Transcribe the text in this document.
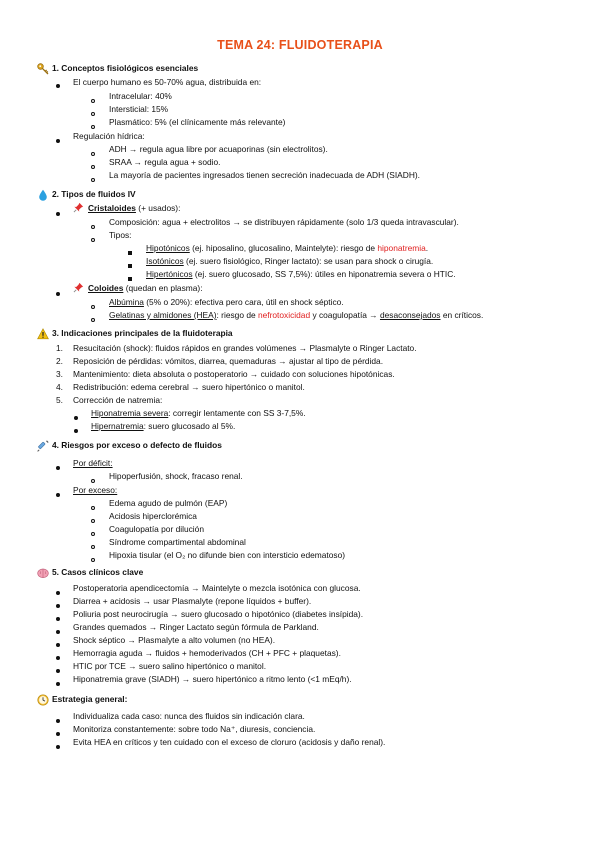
TEMA 24: FLUIDOTERAPIA
1. Conceptos fisiológicos esenciales
El cuerpo humano es 50-70% agua, distribuida en:
Intracelular: 40%
Intersticial: 15%
Plasmático: 5% (el clínicamente más relevante)
Regulación hídrica:
ADH → regula agua libre por acuaporinas (sin electrolitos).
SRAA → regula agua + sodio.
La mayoría de pacientes ingresados tienen secreción inadecuada de ADH (SIADH).
2. Tipos de fluidos IV
Cristaloides (+ usados):
Composición: agua + electrolitos → se distribuyen rápidamente (solo 1/3 queda intravascular).
Tipos:
Hipotónicos (ej. hiposalino, glucosalino, Maintelyte): riesgo de hiponatremia.
Isotónicos (ej. suero fisiológico, Ringer lactato): se usan para shock o cirugía.
Hipertónicos (ej. suero glucosado, SS 7,5%): útiles en hiponatremia severa o HTIC.
Coloides (quedan en plasma):
Albúmina (5% o 20%): efectiva pero cara, útil en shock séptico.
Gelatinas y almidones (HEA): riesgo de nefrotoxicidad y coagulopatía → desaconsejados en críticos.
3. Indicaciones principales de la fluidoterapia
1. Resucitación (shock): fluidos rápidos en grandes volúmenes → Plasmalyte o Ringer Lactato.
2. Reposición de pérdidas: vómitos, diarrea, quemaduras → ajustar al tipo de pérdida.
3. Mantenimiento: dieta absoluta o postoperatorio → cuidado con soluciones hipotónicas.
4. Redistribución: edema cerebral → suero hipertónico o manitol.
5. Corrección de natremia:
Hiponatremia severa: corregir lentamente con SS 3-7,5%.
Hipernatremia: suero glucosado al 5%.
4. Riesgos por exceso o defecto de fluidos
Por déficit:
Hipoperfusión, shock, fracaso renal.
Por exceso:
Edema agudo de pulmón (EAP)
Acidosis hiperclorémica
Coagulopatía por dilución
Síndrome compartimental abdominal
Hipoxia tisular (el O₂ no difunde bien con intersticio edematoso)
5. Casos clínicos clave
Postoperatoria apendicectomía → Maintelyte o mezcla isotónica con glucosa.
Diarrea + acidosis → usar Plasmalyte (repone líquidos + buffer).
Poliuria post neurocirugía → suero glucosado o hipotónico (diabetes insípida).
Grandes quemados → Ringer Lactato según fórmula de Parkland.
Shock séptico → Plasmalyte a alto volumen (no HEA).
Hemorragia aguda → fluidos + hemoderivados (CH + PFC + plaquetas).
HTIC por TCE → suero salino hipertónico o manitol.
Hiponatremia grave (SIADH) → suero hipertónico a ritmo lento (<1 mEq/h).
Estrategia general:
Individualiza cada caso: nunca des fluidos sin indicación clara.
Monitoriza constantemente: sobre todo Na⁺, diuresis, conciencia.
Evita HEA en críticos y ten cuidado con el exceso de cloruro (acidosis y daño renal).
